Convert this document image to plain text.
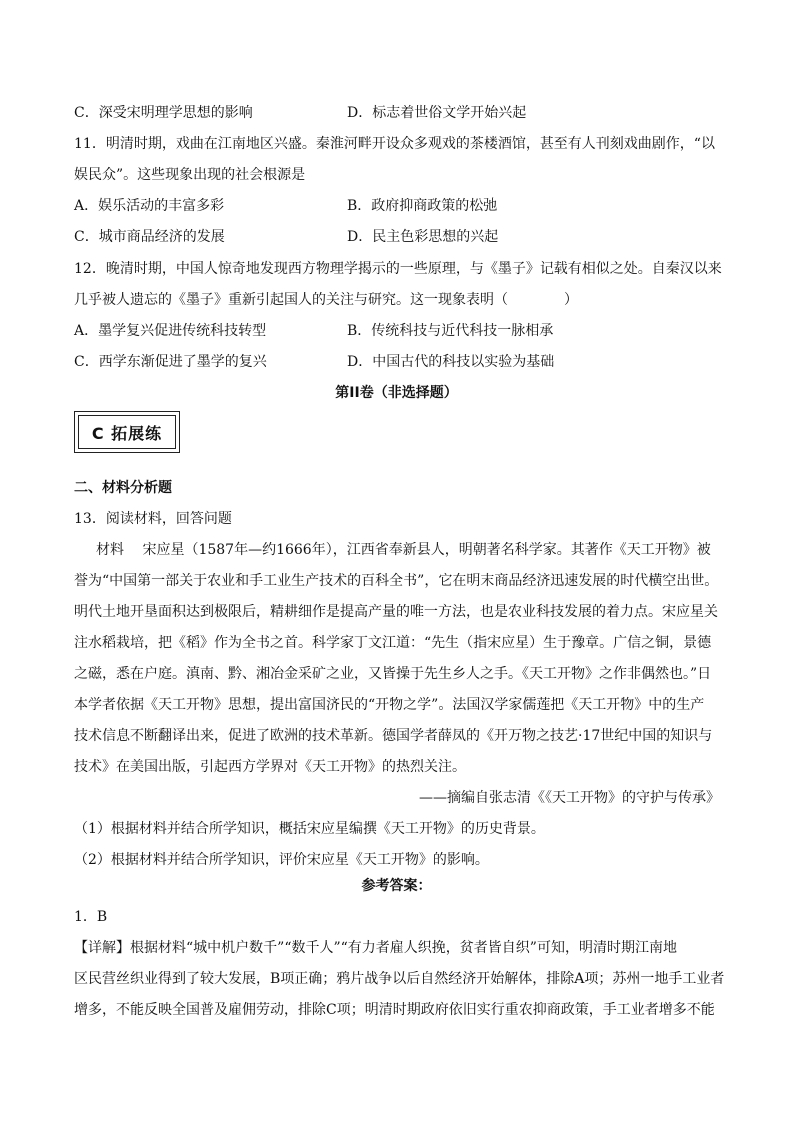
C．深受宋明理学思想的影响	D．标志着世俗文学开始兴起
11．明清时期，戏曲在江南地区兴盛。秦淮河畔开设众多观戏的茶楼酒馆，甚至有人刊刻戏曲剧作，“以
娱民众”。这些现象出现的社会根源是
A．娱乐活动的丰富多彩	B．政府抑商政策的松弛
C．城市商品经济的发展	D．民主色彩思想的兴起
12．晚清时期，中国人惊奇地发现西方物理学揭示的一些原理，与《墨子》记载有相似之处。自秦汉以来
几乎被人遗忘的《墨子》重新引起国人的关注与研究。这一现象表明（　　　　）
A．墨学复兴促进传统科技转型	B．传统科技与近代科技一脉相承
C．西学东渐促进了墨学的复兴	D．中国古代的科技以实验为基础
第II卷（非选择题）
C 拓展练
二、材料分析题
13．阅读材料，回答问题
材料　 宋应星（1587年—约1666年），江西省奉新县人，明朝著名科学家。其著作《天工开物》被
誉为“中国第一部关于农业和手工业生产技术的百科全书”，它在明末商品经济迅速发展的时代横空出世。
明代土地开垦面积达到极限后，精耕细作是提高产量的唯一方法，也是农业科技发展的着力点。宋应星关
注水稻栽培，把《稻》作为全书之首。科学家丁文江道：“先生（指宋应星）生于豫章。广信之铜，景德
之磁，悉在户庭。滇南、黔、湘冶金采矿之业，又皆操于先生乡人之手。《天工开物》之作非偶然也。”日
本学者依据《天工开物》思想，提出富国济民的“开物之学”。法国汉学家儒莲把《天工开物》中的生产
技术信息不断翻译出来，促进了欧洲的技术革新。德国学者薛凤的《开万物之技艺·17世纪中国的知识与
技术》在美国出版，引起西方学界对《天工开物》的热烈关注。
——摘编自张志清《《天工开物》的守护与传承》
（1）根据材料并结合所学知识，概括宋应星编撰《天工开物》的历史背景。
（2）根据材料并结合所学知识，评价宋应星《天工开物》的影响。
参考答案：
1．B
【详解】根据材料“城中机户数千”“数千人”“有力者雇人织挽，贫者皆自织”可知，明清时期江南地
区民营丝织业得到了较大发展，B项正确；鸦片战争以后自然经济开始解体，排除A项；苏州一地手工业者
增多，不能反映全国普及雇佣劳动，排除C项；明清时期政府依旧实行重农抑商政策，手工业者增多不能
